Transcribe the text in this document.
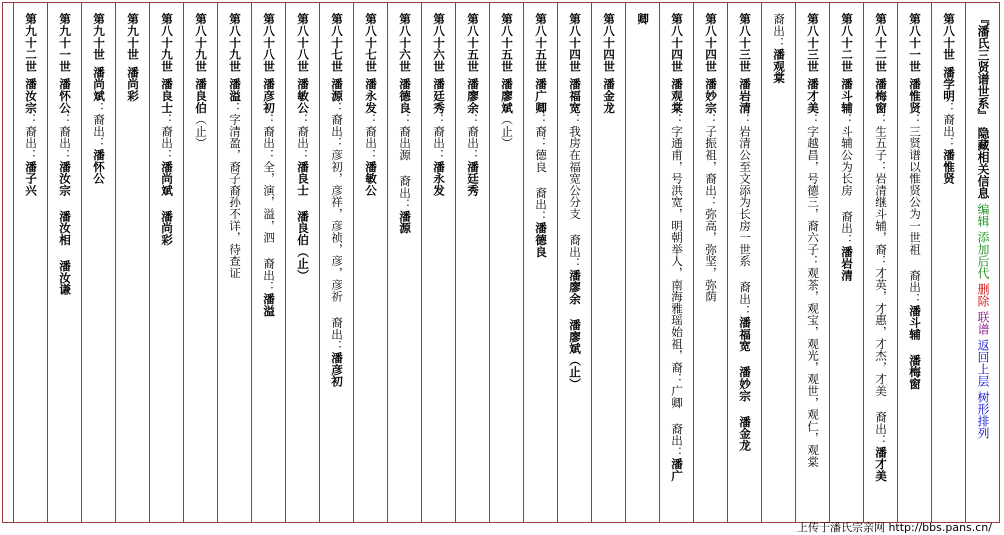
『潘氏三贤谱世系』隐藏相关信息编辑添加后代删除联谱返回上层树形排列
第八十世潘学明：裔出：潘惟贤
第八十一世潘惟贤：三贤谱以惟贤公为一世祖 裔出：潘斗辅 潘梅窗
第八十二世潘梅窗：生五子：岩清继斗辅，裔：才英，才惠，才杰，才美 裔出：潘才美
第八十二世潘斗辅：斗辅公为长房 裔出：潘岩清
第八十三世潘才美：字越昌，号德三，裔六子：观茶，观宝，观光，观世，观仁，观棠
裔出：潘观棠
第八十三世潘岩清：岩清公至文添为长房一世系 裔出：潘福宽 潘妙宗 潘金龙
第八十四世潘妙宗：子振祖，裔出：弥高，弥坚，弥荫
第八十四世潘观棠：字通甫，号洪宽，明朝举人，南海雅瑶始祖，裔：广卿 裔出：潘广
卿
第八十四世潘金龙
第八十四世潘福宽：我房在福宽公分支 裔出：潘廖余 潘廖斌（止）
第八十五世潘广卿：裔：德良 裔出：潘德良
第八十五世潘廖斌（止）
第八十五世潘廖余：裔出：潘廷秀
第八十六世潘廷秀：裔出：潘永发
第八十六世潘德良：裔出源 裔出：潘源
第八十七世潘永发：裔出：潘敏公
第八十七世潘源：裔出：彦初，彦祥，彦祯，彦，彦祈 裔出：潘彦初
第八十八世潘敏公：裔出：潘良士 潘良伯（止）
第八十八世潘彦初：裔出：全，演，溢，泗 裔出：潘溢
第八十九世潘溢：字清盈，裔子裔孙不详，待查证
第八十九世潘良伯（止）
第八十九世潘良士：裔出：潘尚斌 潘尚彩
第九十世潘尚彩
第九十世潘尚斌：裔出：潘怀公
第九十一世潘怀公：裔出：潘汝宗 潘汝相 潘汝谦
第九十二世潘汝宗：裔出：潘子兴
上传于潘氏宗亲网 http://bbs.pans.cn/
